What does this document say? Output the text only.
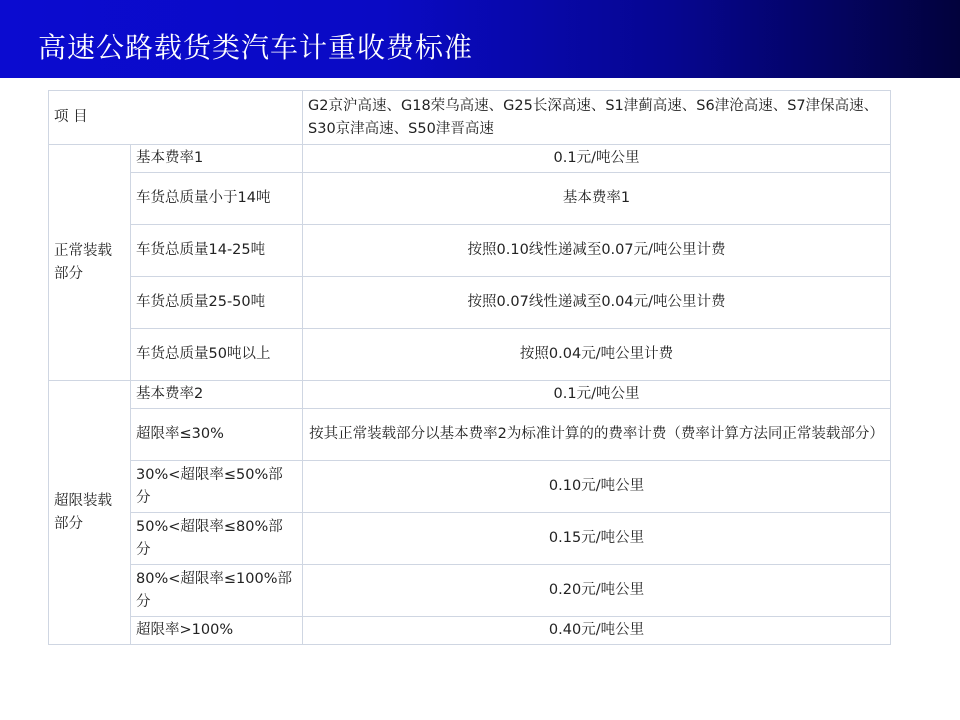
高速公路载货类汽车计重收费标准
项 目		G2京沪高速、G18荣乌高速、G25长深高速、S1津蓟高速、S6津沧高速、S7津保高速、S30京津高速、S50津晋高速
正常装载部分	基本费率1	0.1元/吨公里
	车货总质量小于14吨	基本费率1
	车货总质量14-25吨	按照0.10线性递减至0.07元/吨公里计费
	车货总质量25-50吨	按照0.07线性递减至0.04元/吨公里计费
	车货总质量50吨以上	按照0.04元/吨公里计费
超限装载部分	基本费率2	0.1元/吨公里
	超限率≤30%	按其正常装载部分以基本费率2为标准计算的的费率计费（费率计算方法同正常装载部分）
	30%<超限率≤50%部分	0.10元/吨公里
	50%<超限率≤80%部分	0.15元/吨公里
	80%<超限率≤100%部分	0.20元/吨公里
	超限率>100%	0.40元/吨公里
